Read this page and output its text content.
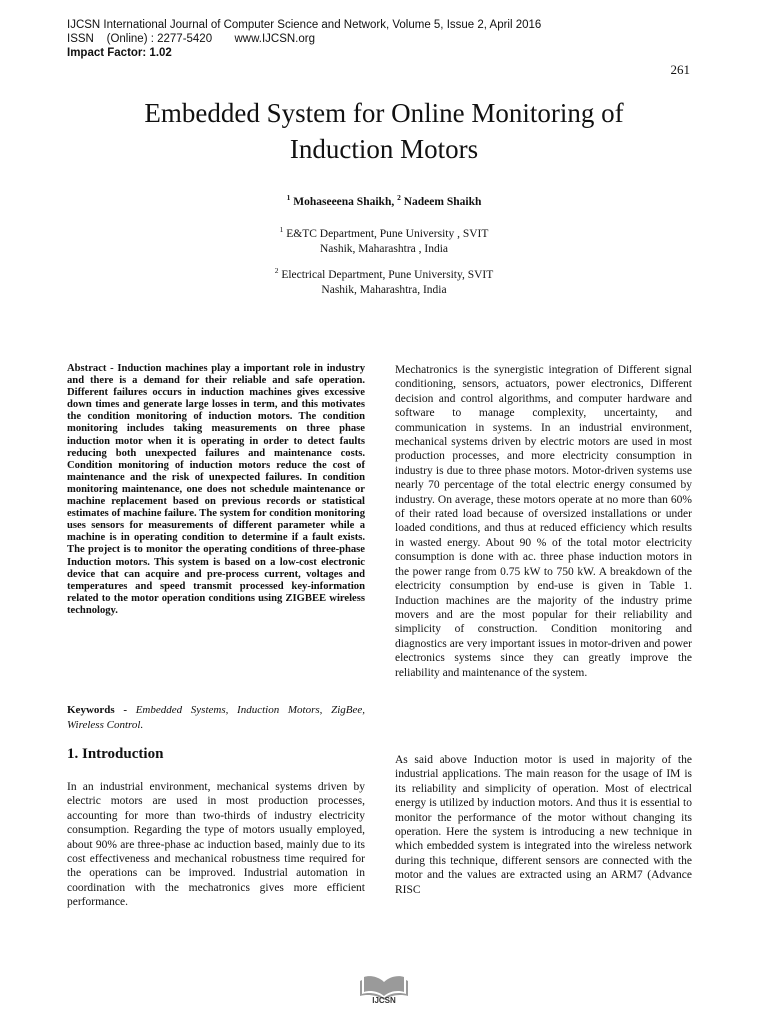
IJCSN International Journal of Computer Science and Network, Volume 5, Issue 2, April 2016
ISSN    (Online) : 2277-5420       www.IJCSN.org
Impact Factor: 1.02
261
Embedded System for Online Monitoring of
Induction Motors
$^1$ Mohaseeena Shaikh, $^2$ Nadeem Shaikh
$^1$ E&TC Department, Pune University , SVIT
Nashik, Maharashtra , India
$^2$ Electrical Department, Pune University, SVIT
Nashik, Maharashtra, India
Abstract - Induction machines play a important role in industry and there is a demand for their reliable and safe operation. Different failures occurs in induction machines gives excessive down times and generate large losses in term, and this motivates the condition monitoring of induction motors. The condition monitoring includes taking measurements on three phase induction motor when it is operating in order to detect faults reducing both unexpected failures and maintenance costs. Condition monitoring of induction motors reduce the cost of maintenance and the risk of unexpected failures. In condition monitoring maintenance, one does not schedule maintenance or machine replacement based on previous records or statistical estimates of machine failure. The system for condition monitoring uses sensors for measurements of different parameter while a machine is in operating condition to determine if a fault exists. The project is to monitor the operating conditions of three-phase Induction motors. This system is based on a low-cost electronic device that can acquire and pre-process current, voltages and temperatures and speed transmit processed key-information related to the motor operation conditions using ZIGBEE wireless technology.
Keywords - Embedded Systems, Induction Motors, ZigBee, Wireless Control.
1. Introduction
In an industrial environment, mechanical systems driven by electric motors are used in most production processes, accounting for more than two-thirds of industry electricity consumption. Regarding the type of motors usually employed, about 90% are three-phase ac induction based, mainly due to its cost effectiveness and mechanical robustness time required for the operations can be improved. Industrial automation in coordination with the mechatronics gives more efficient performance.
Mechatronics is the synergistic integration of Different signal conditioning, sensors, actuators, power electronics, Different decision and control algorithms, and computer hardware and software to manage complexity, uncertainty, and communication in systems. In an industrial environment, mechanical systems driven by electric motors are used in most production processes, and more electricity consumption in industry is due to three phase motors. Motor-driven systems use nearly 70 percentage of the total electric energy consumed by industry. On average, these motors operate at no more than 60% of their rated load because of oversized installations or under loaded conditions, and thus at reduced efficiency which results in wasted energy. About 90 % of the total motor electricity consumption is done with ac. three phase induction motors in the power range from 0.75 kW to 750 kW. A breakdown of the electricity consumption by end-use is given in Table 1. Induction machines are the majority of the industry prime movers and are the most popular for their reliability and simplicity of construction. Condition monitoring and diagnostics are very important issues in motor-driven and power electronics systems since they can greatly improve the reliability and maintenance of the system.
As said above Induction motor is used in majority of the industrial applications. The main reason for the usage of IM is its reliability and simplicity of operation. Most of electrical energy is utilized by induction motors. And thus it is essential to monitor the performance of the motor without changing its operation. Here the system is introducing a new technique in which embedded system is integrated into the wireless network during this technique, different sensors are connected with the motor and the values are extracted using an ARM7 (Advance RISC
IJCSN
